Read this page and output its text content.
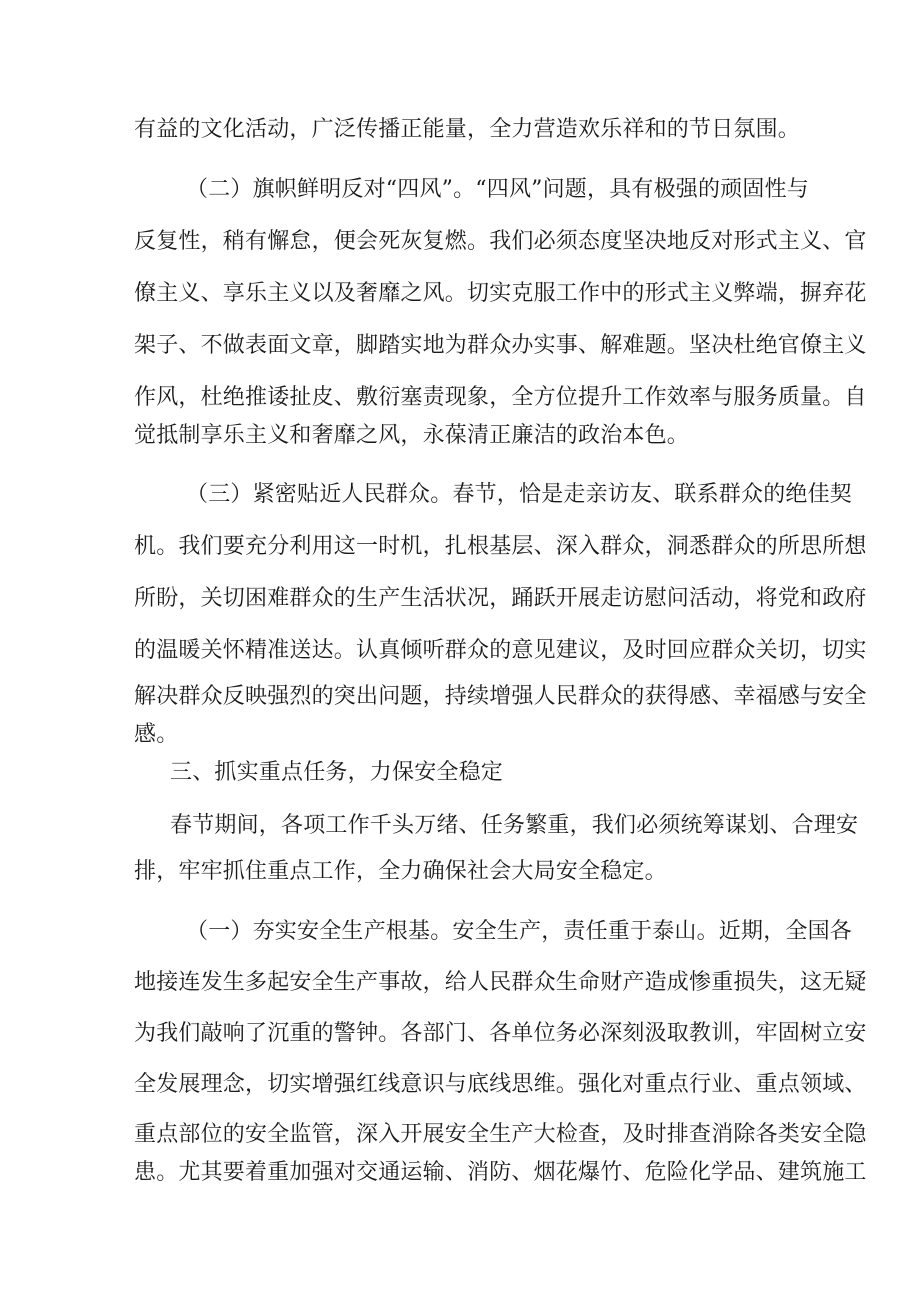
有益的文化活动，广泛传播正能量，全力营造欢乐祥和的节日氛围。
（二）旗帜鲜明反对“四风”。“四风”问题，具有极强的顽固性与
反复性，稍有懈怠，便会死灰复燃。我们必须态度坚决地反对形式主义、官
僚主义、享乐主义以及奢靡之风。切实克服工作中的形式主义弊端，摒弃花
架子、不做表面文章，脚踏实地为群众办实事、解难题。坚决杜绝官僚主义
作风，杜绝推诿扯皮、敷衍塞责现象，全方位提升工作效率与服务质量。自
觉抵制享乐主义和奢靡之风，永葆清正廉洁的政治本色。
（三）紧密贴近人民群众。春节，恰是走亲访友、联系群众的绝佳契
机。我们要充分利用这一时机，扎根基层、深入群众，洞悉群众的所思所想
所盼，关切困难群众的生产生活状况，踊跃开展走访慰问活动，将党和政府
的温暖关怀精准送达。认真倾听群众的意见建议，及时回应群众关切，切实
解决群众反映强烈的突出问题，持续增强人民群众的获得感、幸福感与安全
感。
三、抓实重点任务，力保安全稳定
春节期间，各项工作千头万绪、任务繁重，我们必须统筹谋划、合理安
排，牢牢抓住重点工作，全力确保社会大局安全稳定。
（一）夯实安全生产根基。安全生产，责任重于泰山。近期，全国各
地接连发生多起安全生产事故，给人民群众生命财产造成惨重损失，这无疑
为我们敲响了沉重的警钟。各部门、各单位务必深刻汲取教训，牢固树立安
全发展理念，切实增强红线意识与底线思维。强化对重点行业、重点领域、
重点部位的安全监管，深入开展安全生产大检查，及时排查消除各类安全隐
患。尤其要着重加强对交通运输、消防、烟花爆竹、危险化学品、建筑施工
